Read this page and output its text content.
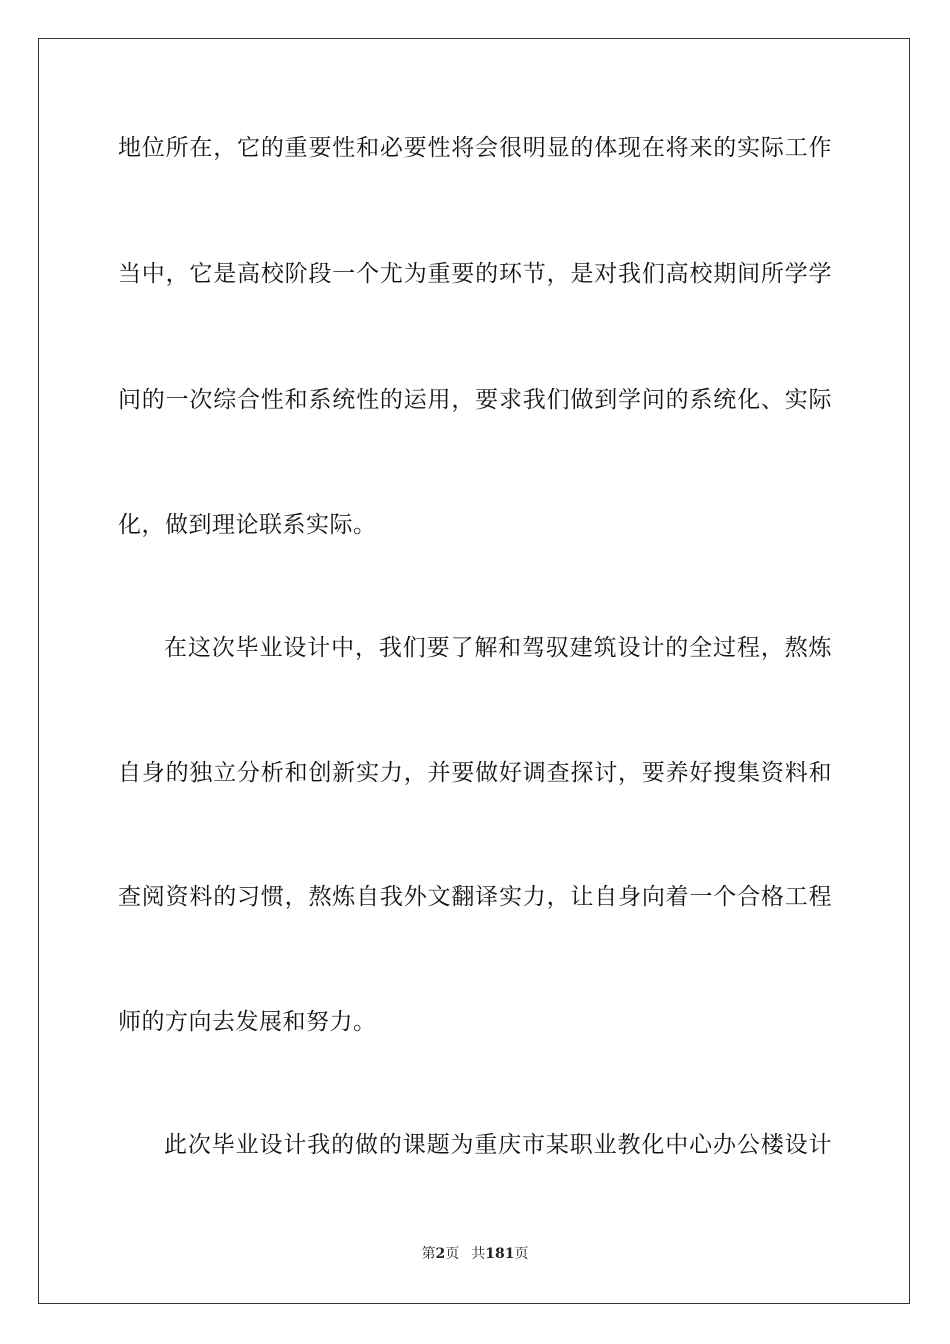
地位所在，它的重要性和必要性将会很明显的体现在将来的实际工作
当中，它是高校阶段一个尤为重要的环节，是对我们高校期间所学学
问的一次综合性和系统性的运用，要求我们做到学问的系统化、实际
化，做到理论联系实际。
在这次毕业设计中，我们要了解和驾驭建筑设计的全过程，熬炼
自身的独立分析和创新实力，并要做好调查探讨，要养好搜集资料和
查阅资料的习惯，熬炼自我外文翻译实力，让自身向着一个合格工程
师的方向去发展和努力。
此次毕业设计我的做的课题为重庆市某职业教化中心办公楼设计
第2页 共181页
